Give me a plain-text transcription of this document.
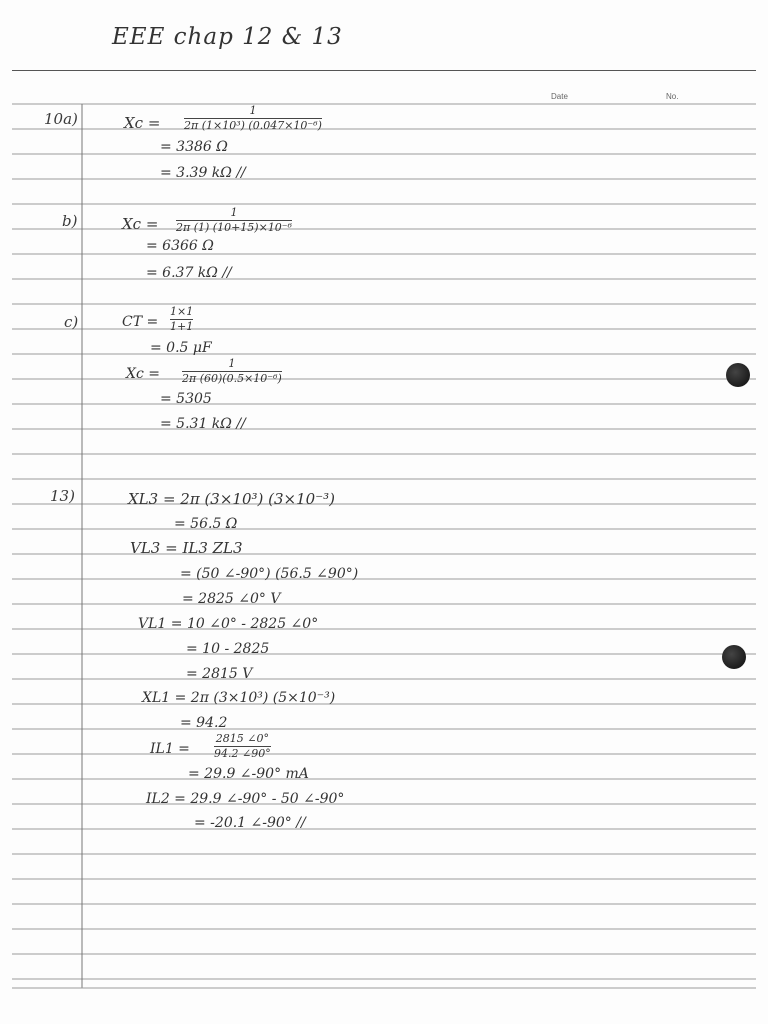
EEE chap 12 & 13
Date	No.
10a)
b)
c)
13)
Xc =
1
2π (1×10³) (0.047×10⁻⁶)
= 3386 Ω
= 3.39 kΩ //
Xc =
1
2π (1) (10+15)×10⁻⁶
= 6366 Ω
= 6.37 kΩ //
CT =
1×1
1+1
= 0.5 μF
Xc =
1
2π (60)(0.5×10⁻⁶)
= 5305
= 5.31 kΩ //
XL3 = 2π (3×10³) (3×10⁻³)
= 56.5 Ω
VL3 = IL3 ZL3
= (50 ∠-90°) (56.5 ∠90°)
= 2825 ∠0° V
VL1 = 10 ∠0° - 2825 ∠0°
= 10 - 2825
= 2815 V
XL1 = 2π (3×10³) (5×10⁻³)
= 94.2
IL1 =
2815 ∠0°
94.2 ∠90°
= 29.9 ∠-90° mA
IL2 = 29.9 ∠-90° - 50 ∠-90°
= -20.1 ∠-90° //
